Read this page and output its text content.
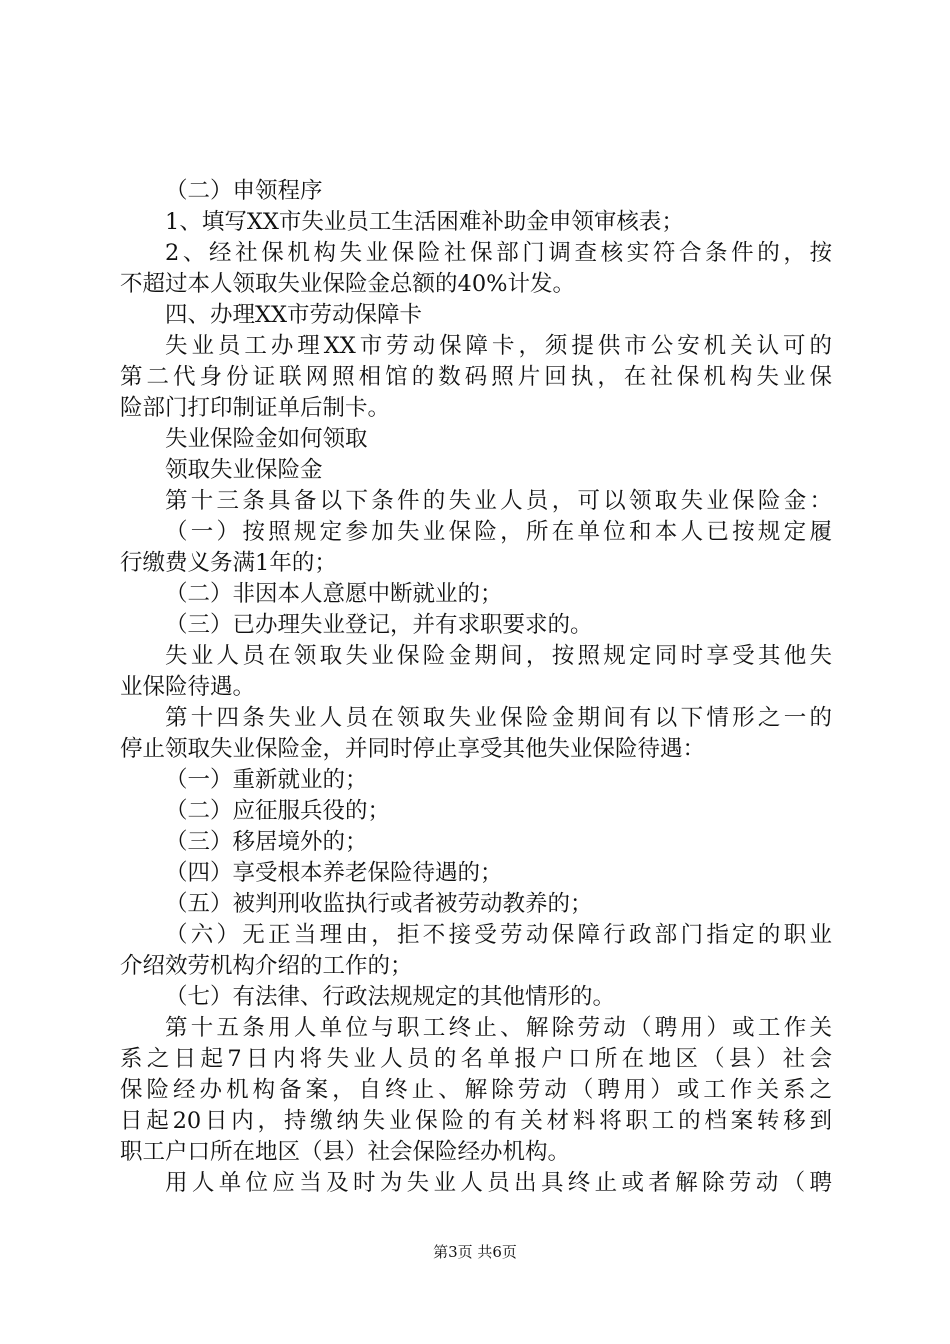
（二）申领程序
1、填写XX市失业员工生活困难补助金申领审核表；
2、经社保机构失业保险社保部门调查核实符合条件的，按
不超过本人领取失业保险金总额的40%计发。
四、办理XX市劳动保障卡
失业员工办理XX市劳动保障卡，须提供市公安机关认可的
第二代身份证联网照相馆的数码照片回执，在社保机构失业保
险部门打印制证单后制卡。
失业保险金如何领取
领取失业保险金
第十三条具备以下条件的失业人员，可以领取失业保险金：
（一）按照规定参加失业保险，所在单位和本人已按规定履
行缴费义务满1年的；
（二）非因本人意愿中断就业的；
（三）已办理失业登记，并有求职要求的。
失业人员在领取失业保险金期间，按照规定同时享受其他失
业保险待遇。
第十四条失业人员在领取失业保险金期间有以下情形之一的
停止领取失业保险金，并同时停止享受其他失业保险待遇：
（一）重新就业的；
（二）应征服兵役的；
（三）移居境外的；
（四）享受根本养老保险待遇的；
（五）被判刑收监执行或者被劳动教养的；
（六）无正当理由，拒不接受劳动保障行政部门指定的职业
介绍效劳机构介绍的工作的；
（七）有法律、行政法规规定的其他情形的。
第十五条用人单位与职工终止、解除劳动（聘用）或工作关
系之日起7日内将失业人员的名单报户口所在地区（县）社会
保险经办机构备案，自终止、解除劳动（聘用）或工作关系之
日起20日内，持缴纳失业保险的有关材料将职工的档案转移到
职工户口所在地区（县）社会保险经办机构。
用人单位应当及时为失业人员出具终止或者解除劳动（聘
第3页 共6页
